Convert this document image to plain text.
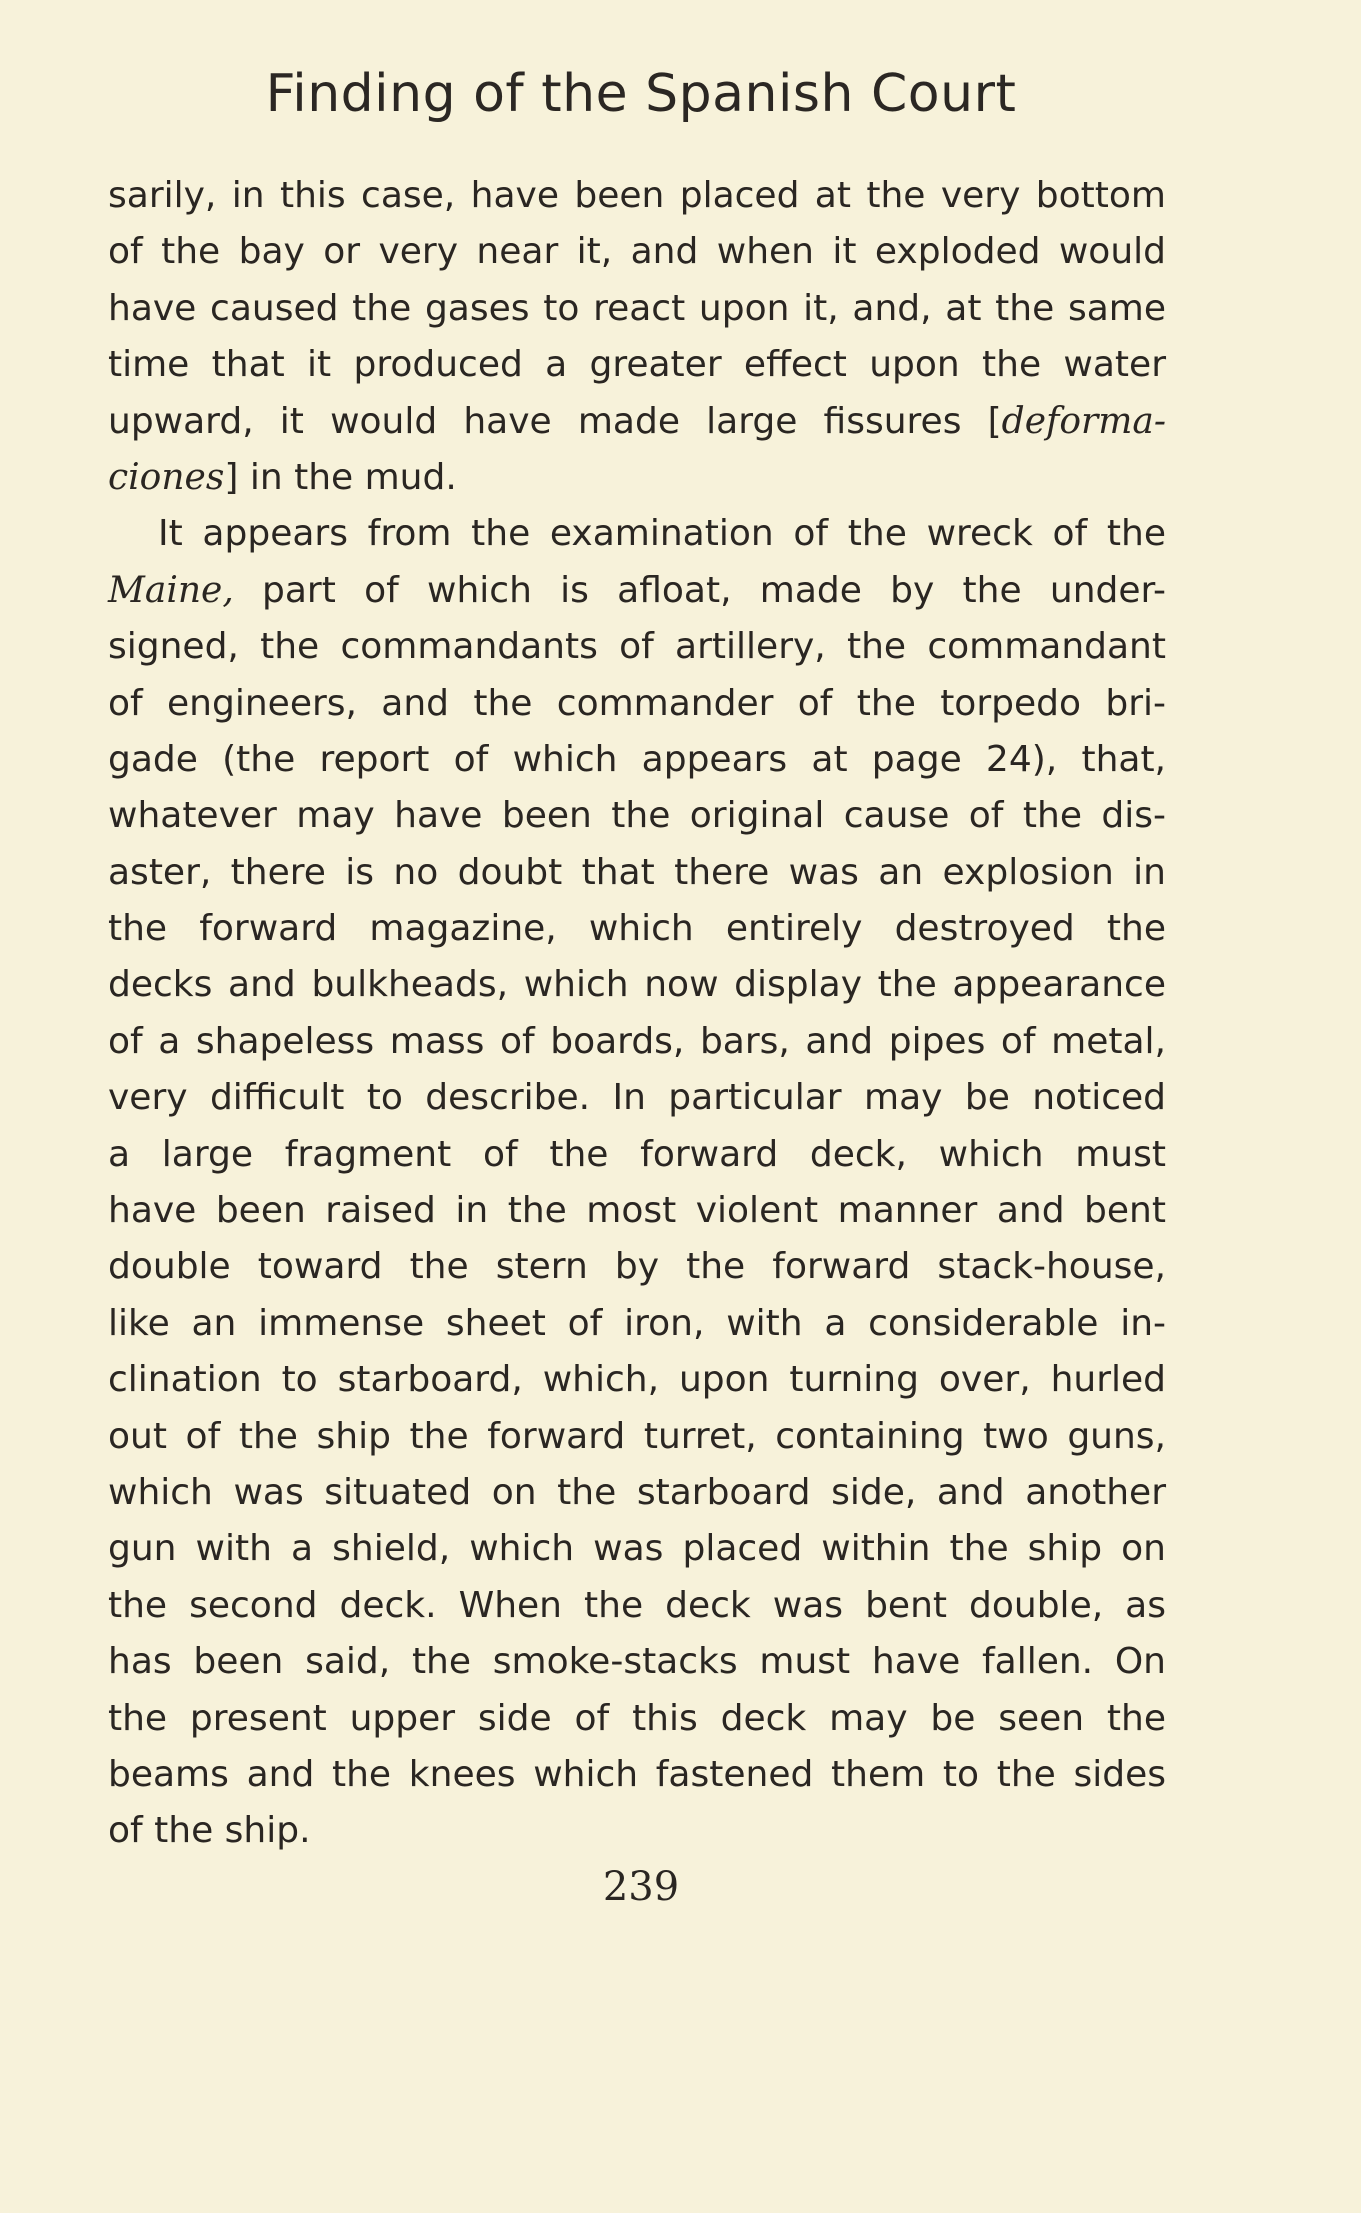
Finding of the Spanish Court
sarily, in this case, have been placed at the very bottom
of the bay or very near it, and when it exploded would
have caused the gases to react upon it, and, at the same
time that it produced a greater effect upon the water
upward, it would have made large fissures [deforma-
ciones] in the mud.
It appears from the examination of the wreck of the
Maine, part of which is afloat, made by the under-
signed, the commandants of artillery, the commandant
of engineers, and the commander of the torpedo bri-
gade (the report of which appears at page 24), that,
whatever may have been the original cause of the dis-
aster, there is no doubt that there was an explosion in
the forward magazine, which entirely destroyed the
decks and bulkheads, which now display the appearance
of a shapeless mass of boards, bars, and pipes of metal,
very difficult to describe. In particular may be noticed
a large fragment of the forward deck, which must
have been raised in the most violent manner and bent
double toward the stern by the forward stack-house,
like an immense sheet of iron, with a considerable in-
clination to starboard, which, upon turning over, hurled
out of the ship the forward turret, containing two guns,
which was situated on the starboard side, and another
gun with a shield, which was placed within the ship on
the second deck. When the deck was bent double, as
has been said, the smoke-stacks must have fallen. On
the present upper side of this deck may be seen the
beams and the knees which fastened them to the sides
of the ship.
239
